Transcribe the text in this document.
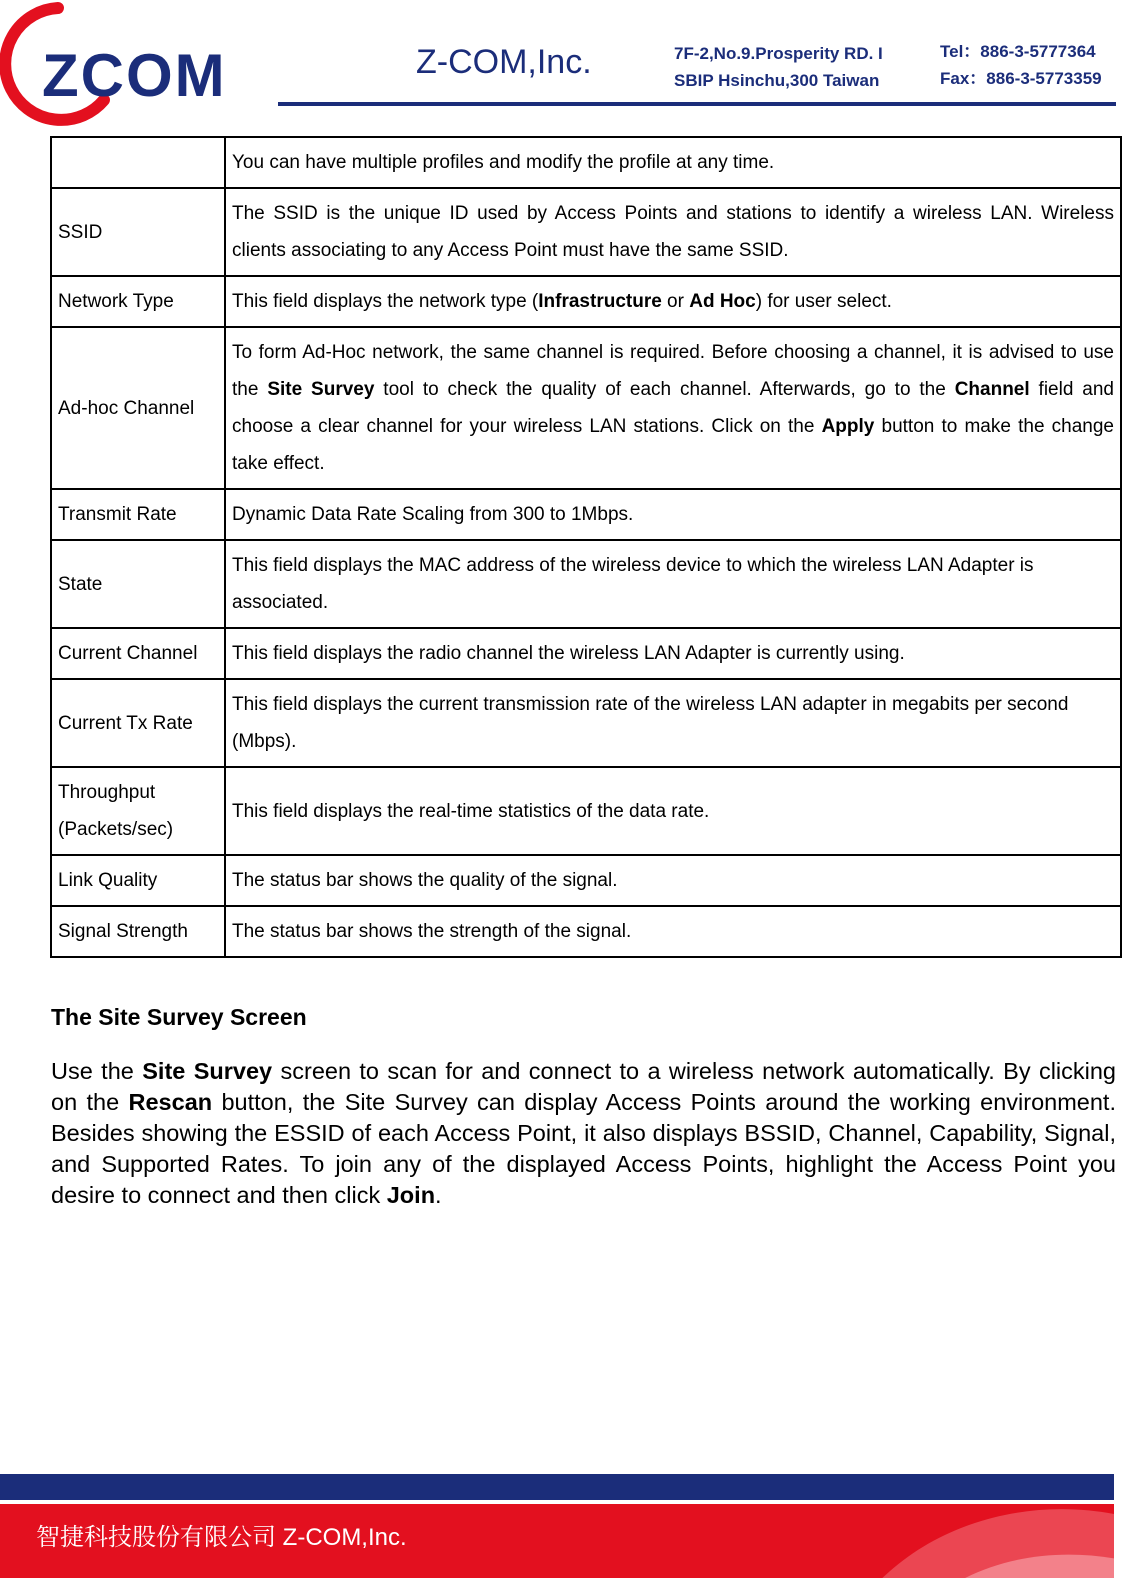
ZCOM	Z-COM,Inc.	7F-2,No.9.Prosperity RD. I
SBIP Hsinchu,300 Taiwan
Tel：886-3-5777364
Fax：886-3-5773359
	You can have multiple profiles and modify the profile at any time.
SSID	The SSID is the unique ID used by Access Points and stations to identify a wireless LAN. Wireless clients associating to any Access Point must have the same SSID.
Network Type	This field displays the network type (Infrastructure or Ad Hoc) for user select.
Ad-hoc Channel	To form Ad-Hoc network, the same channel is required. Before choosing a channel, it is advised to use the Site Survey tool to check the quality of each channel. Afterwards, go to the Channel field and choose a clear channel for your wireless LAN stations. Click on the Apply button to make the change take effect.
Transmit Rate	Dynamic Data Rate Scaling from 300 to 1Mbps.
State	This field displays the MAC address of the wireless device to which the wireless LAN Adapter is associated.
Current Channel	This field displays the radio channel the wireless LAN Adapter is currently using.
Current Tx Rate	This field displays the current transmission rate of the wireless LAN adapter in megabits per second (Mbps).

Throughput
(Packets/sec)	This field displays the real-time statistics of the data rate.
Link Quality	The status bar shows the quality of the signal.
Signal Strength	The status bar shows the strength of the signal.
The Site Survey Screen
Use the Site Survey screen to scan for and connect to a wireless network automatically. By clicking on the Rescan button, the Site Survey can display Access Points around the working environment. Besides showing the ESSID of each Access Point, it also displays BSSID, Channel, Capability, Signal, and Supported Rates. To join any of the displayed Access Points, highlight the Access Point you desire to connect and then click Join.
智捷科技股份有限公司 Z-COM,Inc.
